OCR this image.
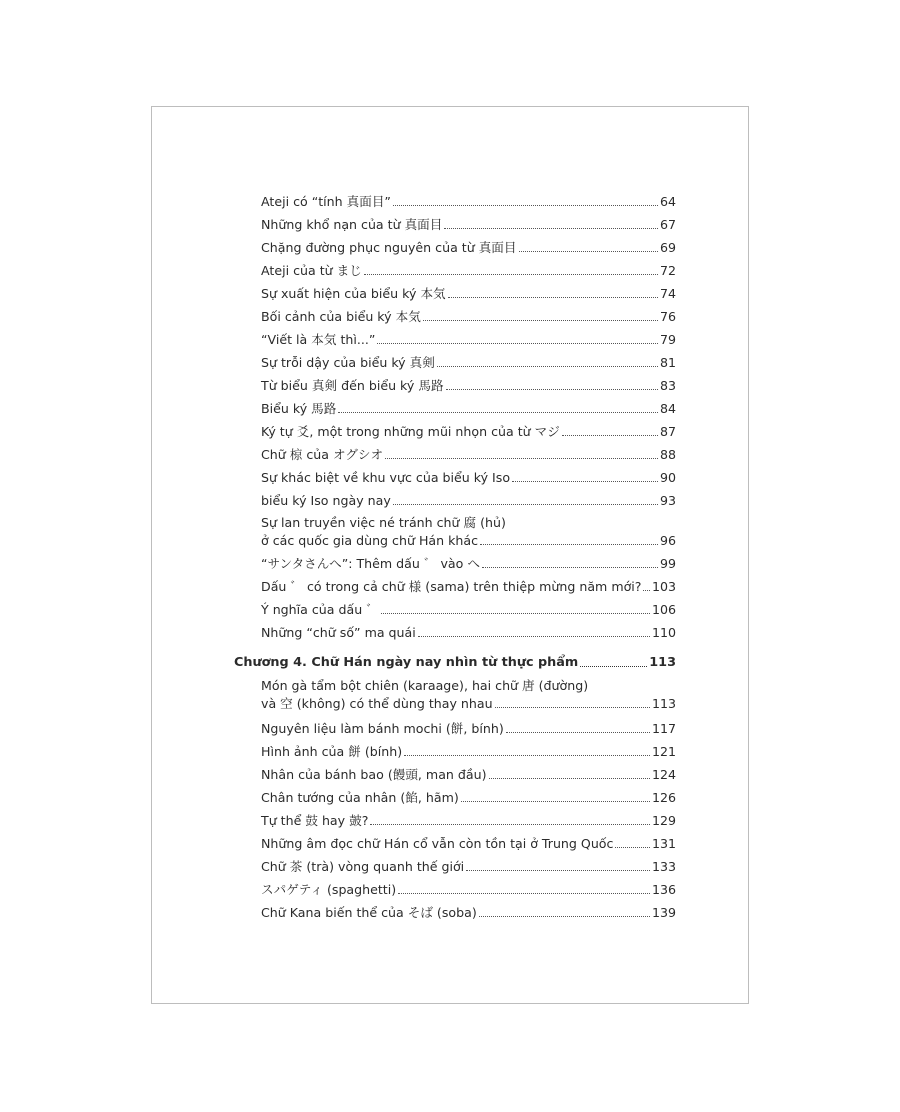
Ateji có “tính 真面目”	64
Những khổ nạn của từ 真面目	67
Chặng đường phục nguyên của từ 真面目	69
Ateji của từ まじ	72
Sự xuất hiện của biểu ký 本気	74
Bối cảnh của biểu ký 本気	76
“Viết là 本気 thì...”	79
Sự trỗi dậy của biểu ký 真剣	81
Từ biểu 真剣 đến biểu ký 馬路	83
Biểu ký 馬路	84
Ký tự 爻, một trong những mũi nhọn của từ マジ	87
Chữ 椋 của オグシオ	88
Sự khác biệt về khu vực của biểu ký Iso	90
biểu ký Iso ngày nay	93
Sự lan truyền việc né tránh chữ 腐 (hủ)
ở các quốc gia dùng chữ Hán khác	96
“サンタさんへ”: Thêm dấu ゛ vào へ	99
Dấu ゛ có trong cả chữ 様 (sama) trên thiệp mừng năm mới? 103
Ý nghĩa của dấu ゛	106
Những “chữ số” ma quái	110
Chương 4. Chữ Hán ngày nay nhìn từ thực phẩm	113
Món gà tẩm bột chiên (karaage), hai chữ 唐 (đường)
và 空 (không) có thể dùng thay nhau	113
Nguyên liệu làm bánh mochi (餅, bính)	117
Hình ảnh của 餅 (bính)	121
Nhân của bánh bao (饅頭, man đầu)	124
Chân tướng của nhân (餡, hãm)	126
Tự thể 鼓 hay 皷?	129
Những âm đọc chữ Hán cổ vẫn còn tồn tại ở Trung Quốc	131
Chữ 茶 (trà) vòng quanh thế giới	133
スパゲティ (spaghetti)	136
Chữ Kana biến thể của そば (soba)	139
